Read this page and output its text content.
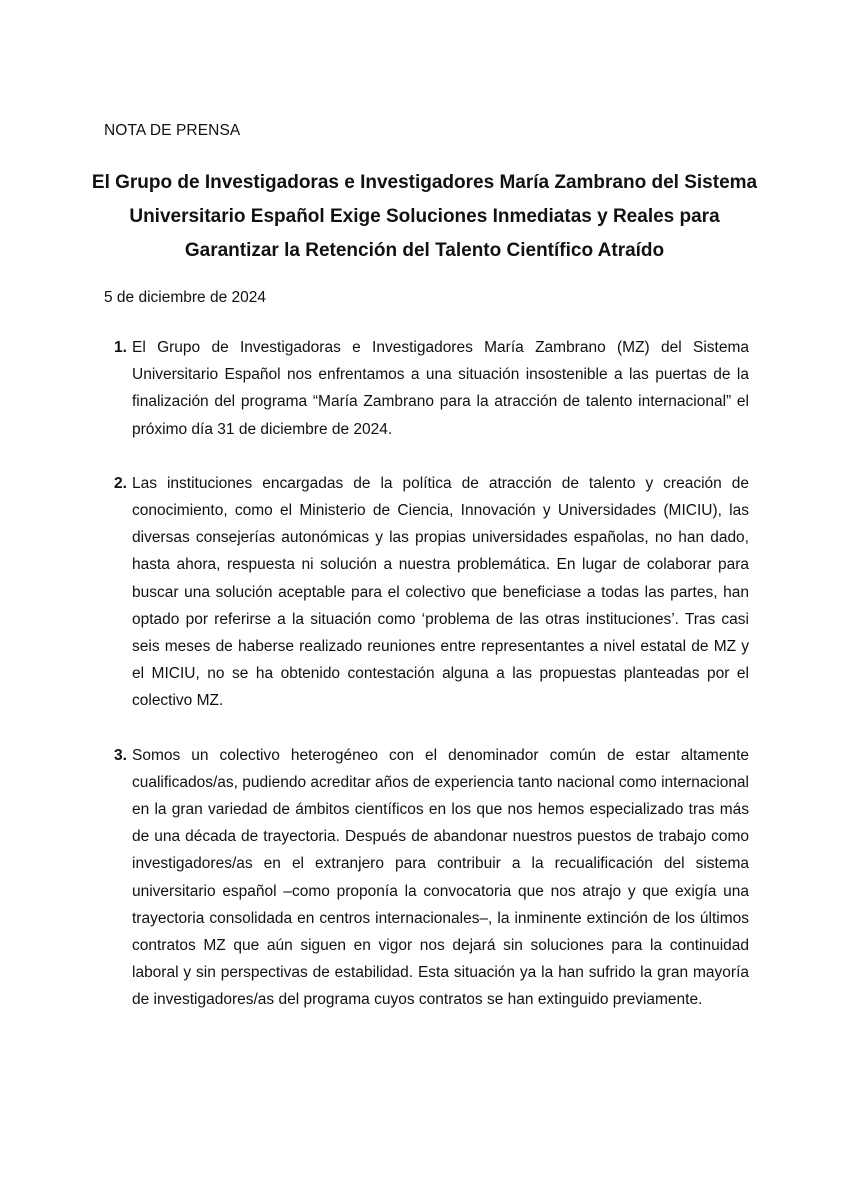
NOTA DE PRENSA
El Grupo de Investigadoras e Investigadores María Zambrano del Sistema Universitario Español Exige Soluciones Inmediatas y Reales para Garantizar la Retención del Talento Científico Atraído
5 de diciembre de 2024
1. El Grupo de Investigadoras e Investigadores María Zambrano (MZ) del Sistema Universitario Español nos enfrentamos a una situación insostenible a las puertas de la finalización del programa “María Zambrano para la atracción de talento internacional” el próximo día 31 de diciembre de 2024.
2. Las instituciones encargadas de la política de atracción de talento y creación de conocimiento, como el Ministerio de Ciencia, Innovación y Universidades (MICIU), las diversas consejerías autonómicas y las propias universidades españolas, no han dado, hasta ahora, respuesta ni solución a nuestra problemática. En lugar de colaborar para buscar una solución aceptable para el colectivo que beneficiase a todas las partes, han optado por referirse a la situación como ‘problema de las otras instituciones’. Tras casi seis meses de haberse realizado reuniones entre representantes a nivel estatal de MZ y el MICIU, no se ha obtenido contestación alguna a las propuestas planteadas por el colectivo MZ.
3. Somos un colectivo heterogéneo con el denominador común de estar altamente cualificados/as, pudiendo acreditar años de experiencia tanto nacional como internacional en la gran variedad de ámbitos científicos en los que nos hemos especializado tras más de una década de trayectoria. Después de abandonar nuestros puestos de trabajo como investigadores/as en el extranjero para contribuir a la recualificación del sistema universitario español –como proponía la convocatoria que nos atrajo y que exigía una trayectoria consolidada en centros internacionales–, la inminente extinción de los últimos contratos MZ que aún siguen en vigor nos dejará sin soluciones para la continuidad laboral y sin perspectivas de estabilidad. Esta situación ya la han sufrido la gran mayoría de investigadores/as del programa cuyos contratos se han extinguido previamente.
